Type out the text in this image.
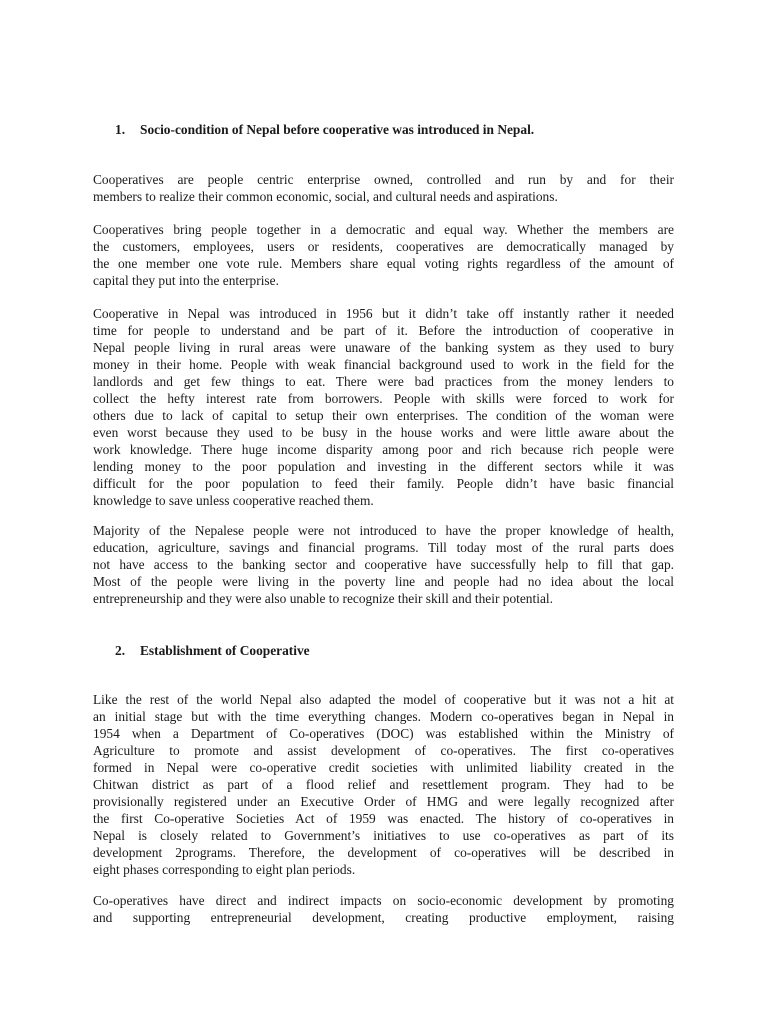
1. Socio-condition of Nepal before cooperative was introduced in Nepal.
Cooperatives are people centric enterprise owned, controlled and run by and for their
members to realize their common economic, social, and cultural needs and aspirations.
Cooperatives bring people together in a democratic and equal way. Whether the members are
the customers, employees, users or residents, cooperatives are democratically managed by
the one member one vote rule. Members share equal voting rights regardless of the amount of
capital they put into the enterprise.
Cooperative in Nepal was introduced in 1956 but it didn’t take off instantly rather it needed
time for people to understand and be part of it. Before the introduction of cooperative in
Nepal people living in rural areas were unaware of the banking system as they used to bury
money in their home. People with weak financial background used to work in the field for the
landlords and get few things to eat. There were bad practices from the money lenders to
collect the hefty interest rate from borrowers. People with skills were forced to work for
others due to lack of capital to setup their own enterprises. The condition of the woman were
even worst because they used to be busy in the house works and were little aware about the
work knowledge. There huge income disparity among poor and rich because rich people were
lending money to the poor population and investing in the different sectors while it was
difficult for the poor population to feed their family. People didn’t have basic financial
knowledge to save unless cooperative reached them.
Majority of the Nepalese people were not introduced to have the proper knowledge of health,
education, agriculture, savings and financial programs. Till today most of the rural parts does
not have access to the banking sector and cooperative have successfully help to fill that gap.
Most of the people were living in the poverty line and people had no idea about the local
entrepreneurship and they were also unable to recognize their skill and their potential.
2. Establishment of Cooperative
Like the rest of the world Nepal also adapted the model of cooperative but it was not a hit at
an initial stage but with the time everything changes. Modern co-operatives began in Nepal in
1954 when a Department of Co-operatives (DOC) was established within the Ministry of
Agriculture to promote and assist development of co-operatives. The first co-operatives
formed in Nepal were co-operative credit societies with unlimited liability created in the
Chitwan district as part of a flood relief and resettlement program. They had to be
provisionally registered under an Executive Order of HMG and were legally recognized after
the first Co-operative Societies Act of 1959 was enacted. The history of co-operatives in
Nepal is closely related to Government’s initiatives to use co-operatives as part of its
development 2programs. Therefore, the development of co-operatives will be described in
eight phases corresponding to eight plan periods.
Co-operatives have direct and indirect impacts on socio-economic development by promoting
and supporting entrepreneurial development, creating productive employment, raising
